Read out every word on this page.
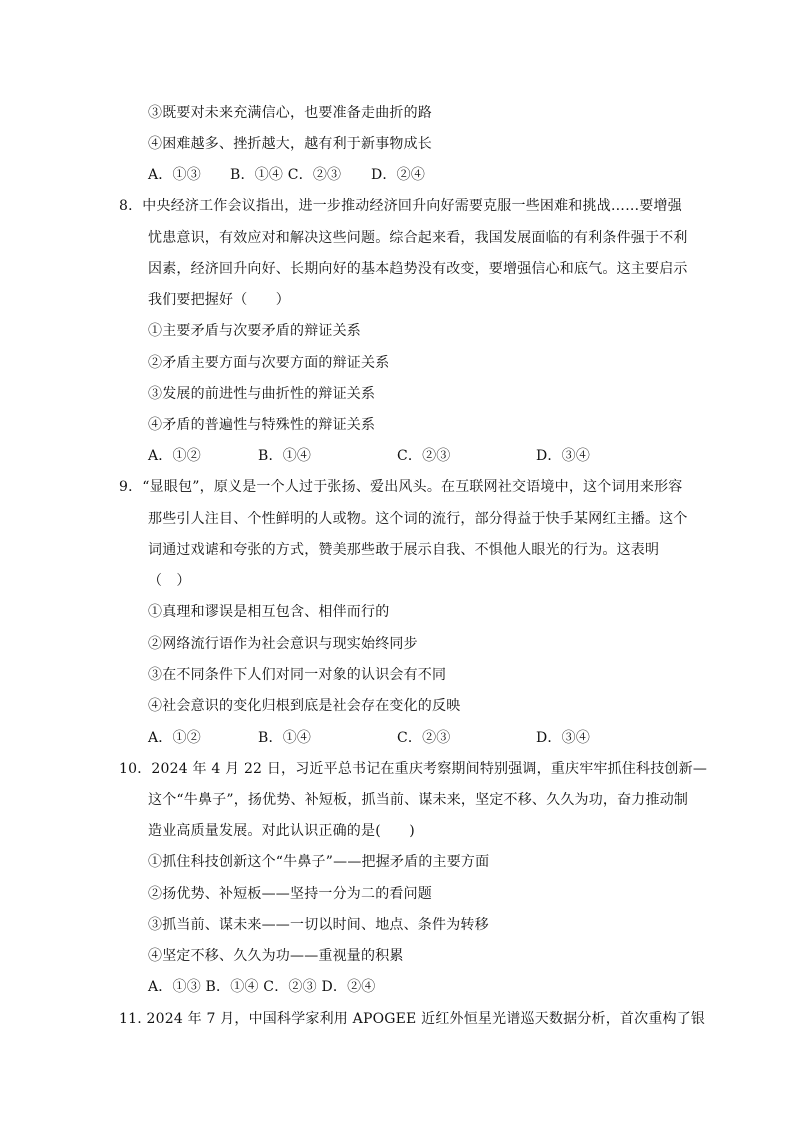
③既要对未来充满信心，也要准备走曲折的路
④困难越多、挫折越大，越有利于新事物成长
A．①③ B．①④ C．②③ D．②④
8．中央经济工作会议指出，进一步推动经济回升向好需要克服一些困难和挑战……要增强
忧患意识，有效应对和解决这些问题。综合起来看，我国发展面临的有利条件强于不利
因素，经济回升向好、长期向好的基本趋势没有改变，要增强信心和底气。这主要启示
我们要把握好（　　）
①主要矛盾与次要矛盾的辩证关系
②矛盾主要方面与次要方面的辩证关系
③发展的前进性与曲折性的辩证关系
④矛盾的普遍性与特殊性的辩证关系
A．①②	B．①④	C．②③	D．③④
9．“显眼包”，原义是一个人过于张扬、爱出风头。在互联网社交语境中，这个词用来形容
那些引人注目、个性鲜明的人或物。这个词的流行，部分得益于快手某网红主播。这个
词通过戏谑和夸张的方式，赞美那些敢于展示自我、不惧他人眼光的行为。这表明
（　）
①真理和谬误是相互包含、相伴而行的
②网络流行语作为社会意识与现实始终同步
③在不同条件下人们对同一对象的认识会有不同
④社会意识的变化归根到底是社会存在变化的反映
A．①②	B．①④	C．②③	D．③④
10．2024 年 4 月 22 日，习近平总书记在重庆考察期间特别强调，重庆牢牢抓住科技创新—
这个“牛鼻子”，扬优势、补短板，抓当前、谋未来，坚定不移、久久为功，奋力推动制
造业高质量发展。对此认识正确的是(　　)
①抓住科技创新这个“牛鼻子”——把握矛盾的主要方面
②扬优势、补短板——坚持一分为二的看问题
③抓当前、谋未来——一切以时间、地点、条件为转移
④坚定不移、久久为功——重视量的积累
A．①③ B．①④ C．②③ D．②④
11. 2024 年 7 月，中国科学家利用 APOGEE 近红外恒星光谱巡天数据分析，首次重构了银
